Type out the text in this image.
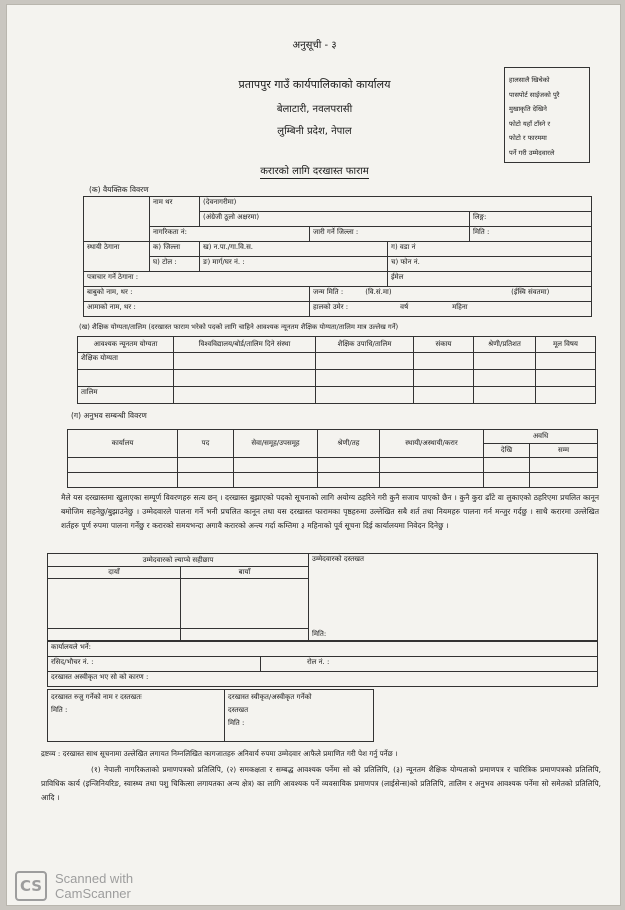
अनुसूची - ३
प्रतापपुर गाउँ कार्यपालिकाको कार्यालय
बेलाटारी, नवलपरासी
लुम्बिनी प्रदेश, नेपाल
हालसालै खिचेको
पासपोर्ट साईजको पुरै
मुखाकृति देखिने
फोटो यहाँ टाँस्ने र
फोटो र फारममा
पर्ने गरी उम्मेदवारले
करारको लागि दरखास्त फाराम
(क) वैयक्तिक विवरण
	नाम थर	(देवनागरीमा)			
		(अंग्रेजी ठूलो अक्षरमा)			लिङ्ग:
	नागरिकता नं:		जारी गर्ने जिल्ला :		मिति :
स्थायी ठेगाना	क) जिल्ला	ख) न.पा./गा.वि.स.		ग) वडा नं	
	घ) टोल :	ङ) मार्ग/घर नं. :		च) फोन नं.	
पत्राचार गर्ने ठेगाना :				ईमेल	
बाबुको नाम, थर :			जन्म मिति : (वि.सं.मा)		(ईस्वि संवतमा)
आमाको नाम, थर :			हालको उमेर : वर्ष महिना		
(ख) शैक्षिक योग्यता/तालिम (दरखास्त फाराम भरेको पदको लागि चाहिने आवश्यक न्यूनतम शैक्षिक योग्यता/तालिम मात्र उल्लेख गर्ने)
आवश्यक न्यूनतम योग्यता	विश्वविद्यालय/बोर्ड/तालिम दिने संस्था	शैक्षिक उपाधि/तालिम	संकाय	श्रेणी/प्रतिशत	मूल विषय
शैक्षिक योग्यता					

तालिम					
(ग) अनुभव सम्बन्धी विवरण
कार्यालय	पद	सेवा/समूह/उपसमूह	श्रेणी/तह	स्थायी/अस्थायी/करार	अवधि	
					देखि	सम्म

मैले यस दरखास्तमा खुलाएका सम्पूर्ण विवरणहरु सत्य छन् । दरखास्त बुझाएको पदको सूचनाको लागि अयोग्य ठहरिने गरी कुनै सजाय पाएको छैन । कुनै कुरा ढाँटे वा लुकाएको ठहरिएमा प्रचलित कानून बमोजिम सहनेछु/बुझाउनेछु । उम्मेदवारले पालना गर्ने भनी प्रचलित कानून तथा यस दरखास्त फारामका पृष्ठहरुमा उल्लेखित सबै शर्त तथा नियमहरु पालना गर्न मन्जुर गर्दछु । साथै करारमा उल्लेखित शर्तहरु पूर्ण रुपमा पालना गर्नेछु र करारको समयभन्दा अगावै करारको अन्त्य गर्दा कम्तिमा ३ महिनाको पूर्व सूचना दिई कार्यालयमा निवेदन दिनेछु ।
उम्मेदवारको ल्याप्चे सहीछाप		उम्मेदवारको दस्तखत
दायाँ	बायाँ	

		मिति:
कार्यालयले भर्ने:
रसिद/भौचर नं. :	रोल नं. :
दरखास्त अस्वीकृत भए सो को कारण :
दरखास्त रुजु गर्नेको नाम र दस्तखतः
मिति :

दरखास्त स्वीकृत/अस्वीकृत गर्नेको
दस्तखत
मिति :
द्रष्टव्य : दरखास्त साथ सूचनामा उल्लेखित लगायत निम्नलिखित कागजातहरु अनिवार्य रुपमा उम्मेदवार आफैले प्रमाणित गरी पेश गर्नु पर्नेछ ।
(१) नेपाली नागरिकताको प्रमाणपत्रको प्रतिलिपि, (२) समकक्षता र सम्बद्ध आवश्यक पर्नेमा सो को प्रतिलिपि, (३) न्यूनतम शैक्षिक योग्यताको प्रमाणपत्र र चारित्रिक प्रमाणपत्रको प्रतिलिपि, प्राविधिक कार्य (इन्जिनियरिङ, स्वास्थ्य तथा पशु चिकित्सा लगायतका अन्य क्षेत्र) का लागि आवश्यक पर्ने व्यवसायिक प्रमाणपत्र (लाईसेन्स)को प्रतिलिपि, तालिम र अनुभव आवश्यक पर्नेमा सो समेतको प्रतिलिपि, आदि ।
CS Scanned with
CamScanner
